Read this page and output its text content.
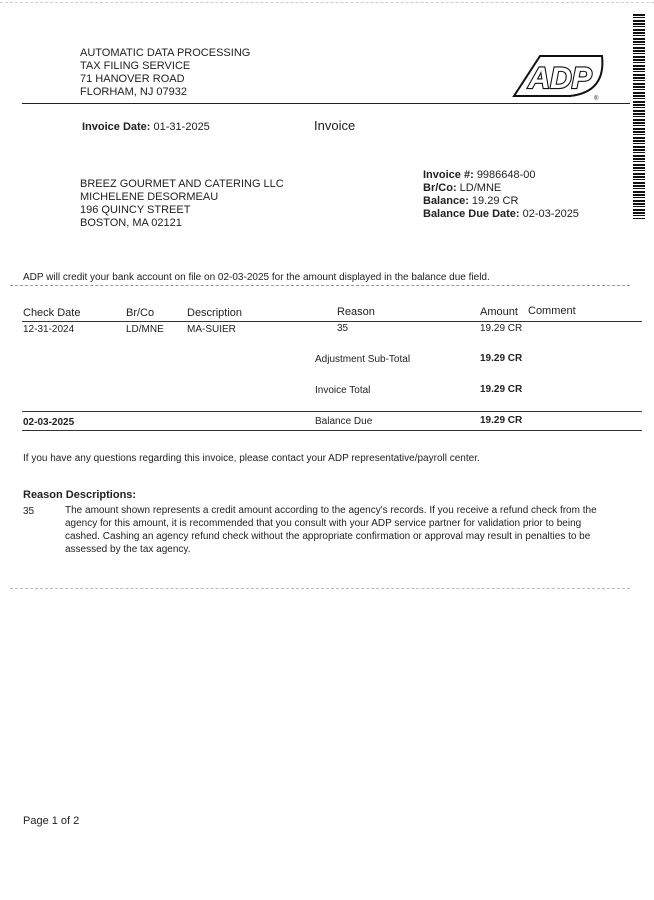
AUTOMATIC DATA PROCESSING
TAX FILING SERVICE
71 HANOVER ROAD
FLORHAM, NJ 07932	ADP
®
Invoice Date: 01-31-2025	Invoice
BREEZ GOURMET AND CATERING LLC
MICHELENE DESORMEAU
196 QUINCY STREET
BOSTON, MA 02121
Invoice #: 9986648-00
Br/Co: LD/MNE
Balance: 19.29 CR
Balance Due Date: 02-03-2025
ADP will credit your bank account on file on 02-03-2025 for the amount displayed in the balance due field.
Check Date	Br/Co	Description	Reason	Amount Comment
12-31-2024	LD/MNE MA-SUIER	35	19.29 CR
Adjustment Sub-Total	19.29 CR
Invoice Total	19.29 CR
02-03-2025	Balance Due	19.29 CR
If you have any questions regarding this invoice, please contact your ADP representative/payroll center.
Reason Descriptions:
35	The amount shown represents a credit amount according to the agency's records. If you receive a refund check from the
agency for this amount, it is recommended that you consult with your ADP service partner for validation prior to being
cashed. Cashing an agency refund check without the appropriate confirmation or approval may result in penalties to be
assessed by the tax agency.
Page 1 of 2
